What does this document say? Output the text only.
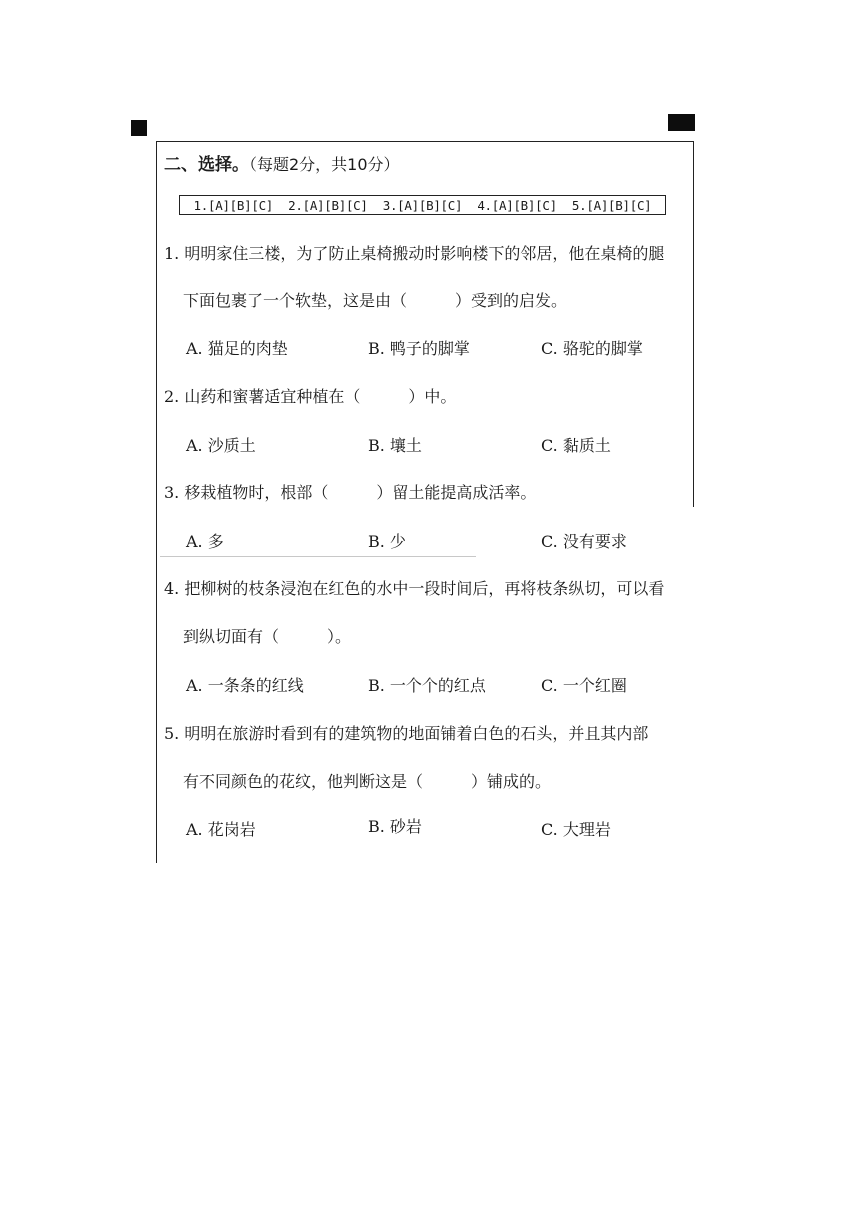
二、选择。（每题2分，共10分）
1.[A][B][C] 2.[A][B][C] 3.[A][B][C] 4.[A][B][C] 5.[A][B][C]
1. 明明家住三楼，为了防止桌椅搬动时影响楼下的邻居，他在桌椅的腿
下面包裹了一个软垫，这是由（　　　）受到的启发。
A. 猫足的肉垫	B. 鸭子的脚掌	C. 骆驼的脚掌
2. 山药和蜜薯适宜种植在（　　　）中。
A. 沙质土	B. 壤土	C. 黏质土
3. 移栽植物时，根部（　　　）留土能提高成活率。
A. 多	B. 少	C. 没有要求
4. 把柳树的枝条浸泡在红色的水中一段时间后，再将枝条纵切，可以看
到纵切面有（　　　）。
A. 一条条的红线	B. 一个个的红点	C. 一个红圈
5. 明明在旅游时看到有的建筑物的地面铺着白色的石头，并且其内部
有不同颜色的花纹，他判断这是（　　　）铺成的。
A. 花岗岩	B. 砂岩	C. 大理岩
